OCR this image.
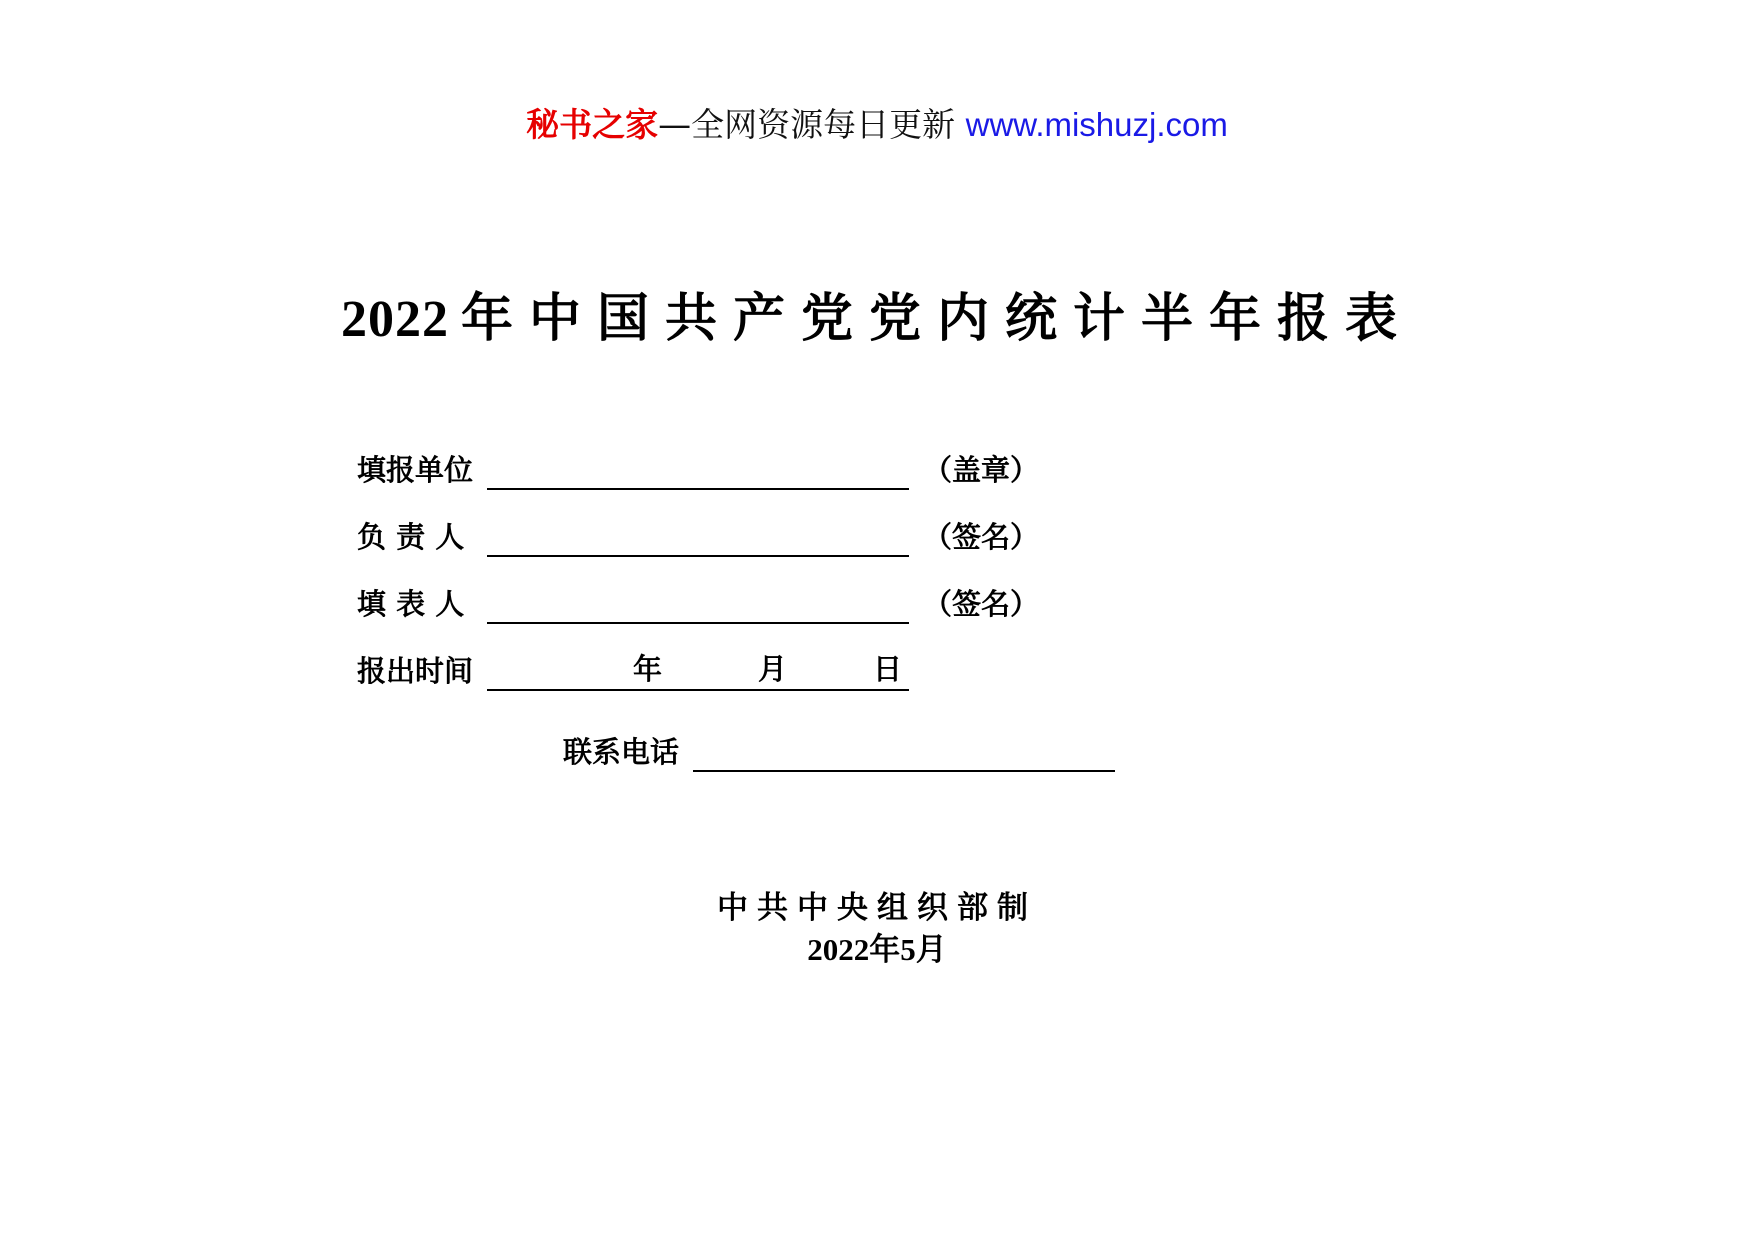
秘书之家—全网资源每日更新 www.mishuzj.com
2022 年中国共产党党内统计半年报表
填报单位	（盖章）
负 责 人	（签名）
填 表 人	（签名）
报出时间	年	月	日
联系电话
中共中央组织部制
2022年5月
